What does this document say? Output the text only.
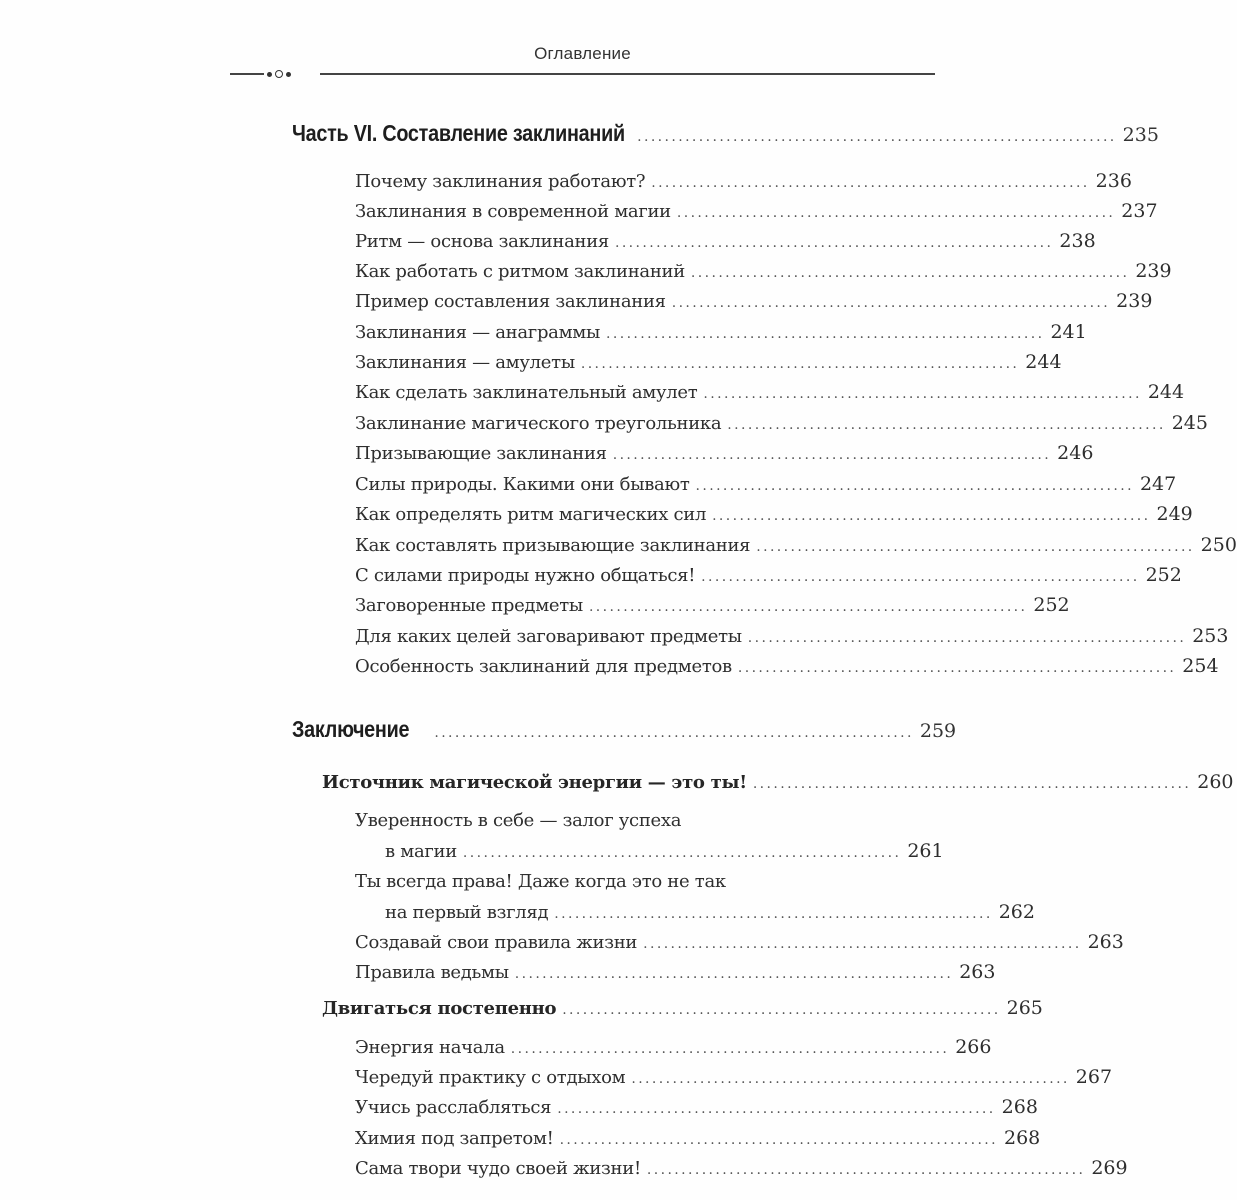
Оглавление
Часть VI. Составление заклинаний ...................................................................... 235
Почему заклинания работают? ................................................................ 236
Заклинания в современной магии ................................................................ 237
Ритм — основа заклинания ................................................................ 238
Как работать с ритмом заклинаний ................................................................ 239
Пример составления заклинания ................................................................ 239
Заклинания — анаграммы ................................................................ 241
Заклинания — амулеты ................................................................ 244
Как сделать заклинательный амулет ................................................................ 244
Заклинание магического треугольника ................................................................ 245
Призывающие заклинания ................................................................ 246
Силы природы. Какими они бывают ................................................................ 247
Как определять ритм магических сил ................................................................ 249
Как составлять призывающие заклинания ................................................................ 250
С силами природы нужно общаться! ................................................................ 252
Заговоренные предметы ................................................................ 252
Для каких целей заговаривают предметы ................................................................ 253
Особенность заклинаний для предметов ................................................................ 254
Заключение ...................................................................... 259
Источник магической энергии — это ты! ................................................................ 260
Уверенность в себе — залог успеха
в магии ................................................................ 261
Ты всегда права! Даже когда это не так
на первый взгляд ................................................................ 262
Создавай свои правила жизни ................................................................ 263
Правила ведьмы ................................................................ 263
Двигаться постепенно ................................................................ 265
Энергия начала ................................................................ 266
Чередуй практику с отдыхом ................................................................ 267
Учись расслабляться ................................................................ 268
Химия под запретом! ................................................................ 268
Сама твори чудо своей жизни! ................................................................ 269
